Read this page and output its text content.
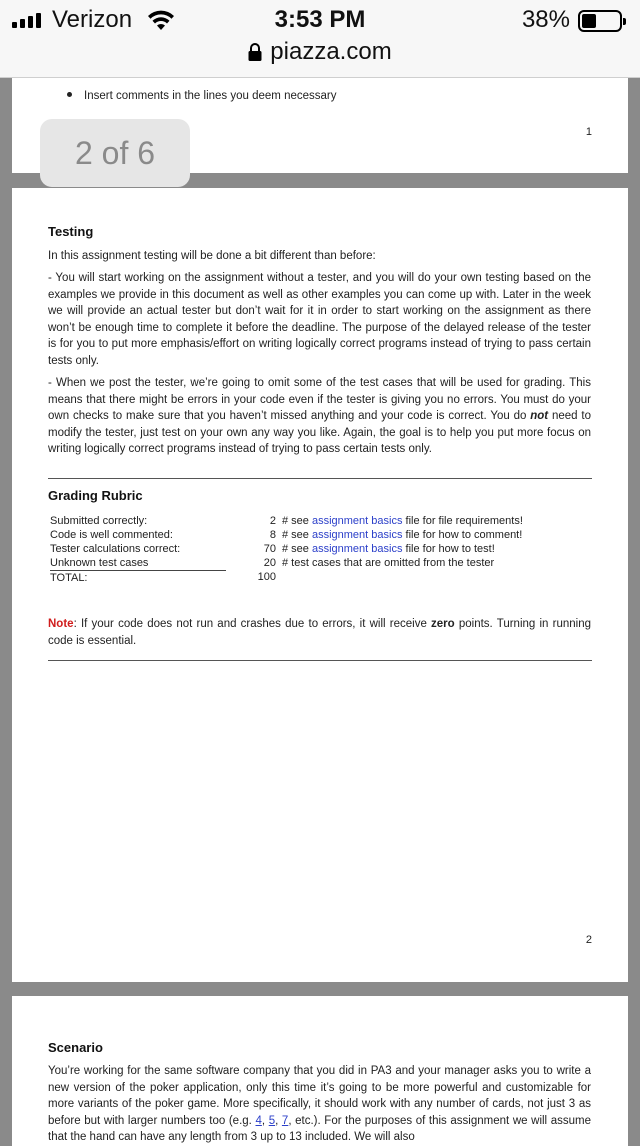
Verizon	3:53 PM	38%
piazza.com
Insert comments in the lines you deem necessary
1
2 of 6
Testing

In this assignment testing will be done a bit different than before:

- You will start working on the assignment without a tester, and you will do your own testing based on the examples we provide in this document as well as other examples you can come up with. Later in the week we will provide an actual tester but don’t wait for it in order to start working on the assignment as there won’t be enough time to complete it before the deadline. The purpose of the delayed release of the tester is for you to put more emphasis/effort on writing logically correct programs instead of trying to pass certain tests only.

- When we post the tester, we’re going to omit some of the test cases that will be used for grading. This means that there might be errors in your code even if the tester is giving you no errors. You must do your own checks to make sure that you haven’t missed anything and your code is correct. You do not need to modify the tester, just test on your own any way you like. Again, the goal is to help you put more focus on writing logically correct programs instead of trying to pass certain tests only.

Grading Rubric
Submitted correctly:	2 # see assignment basics file for file requirements!
Code is well commented:	8 # see assignment basics file for how to comment!
Tester calculations correct:	70 # see assignment basics file for how to test!
Unknown test cases	20 # test cases that are omitted from the tester
TOTAL:	100

Note: If your code does not run and crashes due to errors, it will receive zero points. Turning in running code is essential.

2
Scenario

You’re working for the same software company that you did in PA3 and your manager asks you to write a new version of the poker application, only this time it’s going to be more powerful and customizable for more variants of the poker game. More specifically, it should work with any number of cards, not just 3 as before but with larger numbers too (e.g. 4, 5, 7, etc.). For the purposes of this assignment we will assume that the hand can have any length from 3 up to 13 included. We will also
